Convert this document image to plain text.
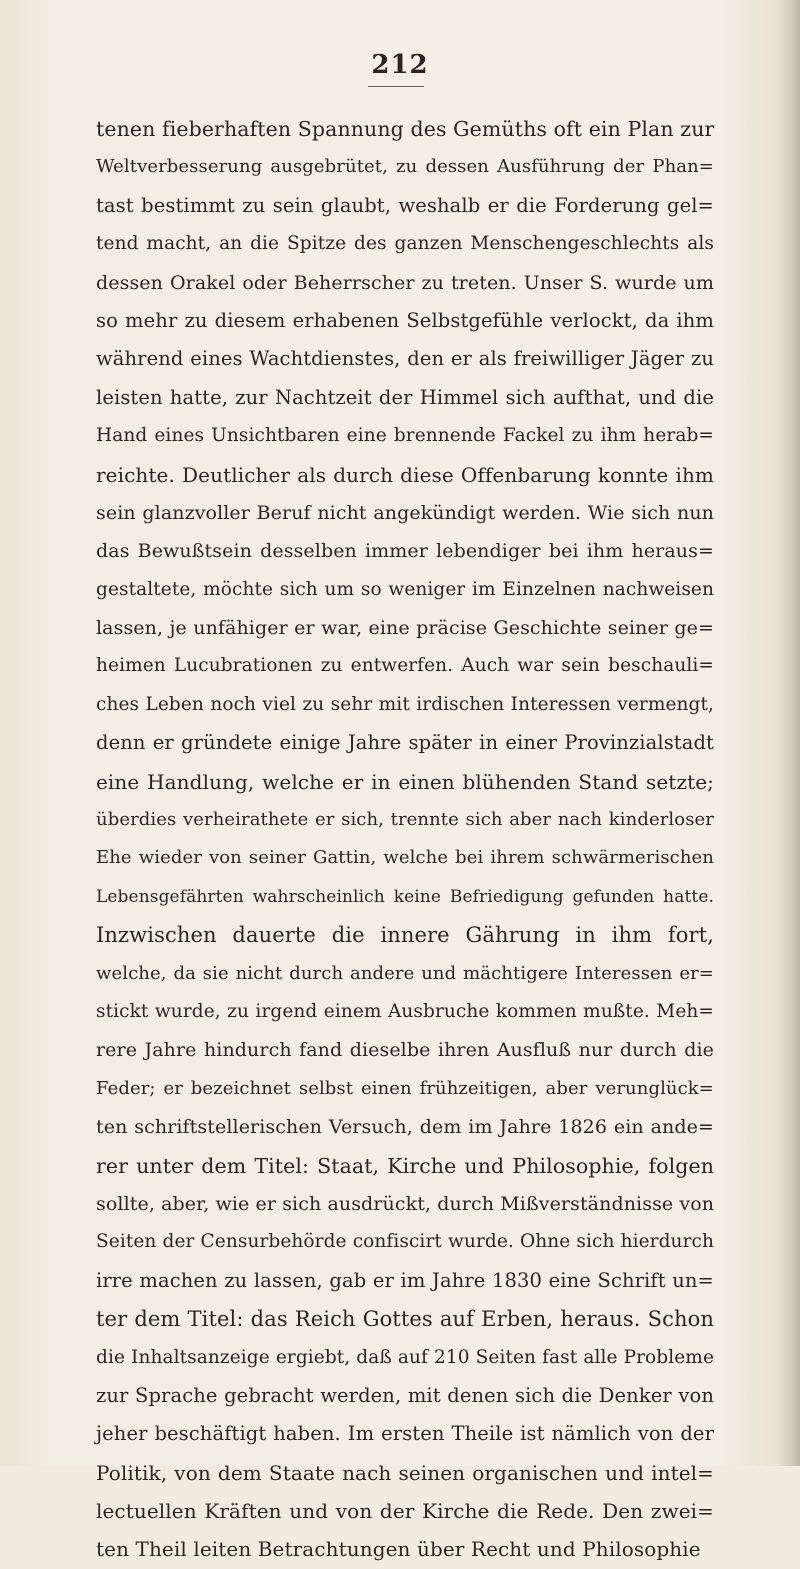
212
tenen fieberhaften Spannung des Gemüths oft ein Plan zur
Weltverbesserung ausgebrütet, zu dessen Ausführung der Phan=
tast bestimmt zu sein glaubt, weshalb er die Forderung gel=
tend macht, an die Spitze des ganzen Menschengeschlechts als
dessen Orakel oder Beherrscher zu treten. Unser S. wurde um
so mehr zu diesem erhabenen Selbstgefühle verlockt, da ihm
während eines Wachtdienstes, den er als freiwilliger Jäger zu
leisten hatte, zur Nachtzeit der Himmel sich aufthat, und die
Hand eines Unsichtbaren eine brennende Fackel zu ihm herab=
reichte. Deutlicher als durch diese Offenbarung konnte ihm
sein glanzvoller Beruf nicht angekündigt werden. Wie sich nun
das Bewußtsein desselben immer lebendiger bei ihm heraus=
gestaltete, möchte sich um so weniger im Einzelnen nachweisen
lassen, je unfähiger er war, eine präcise Geschichte seiner ge=
heimen Lucubrationen zu entwerfen. Auch war sein beschauli=
ches Leben noch viel zu sehr mit irdischen Interessen vermengt,
denn er gründete einige Jahre später in einer Provinzialstadt
eine Handlung, welche er in einen blühenden Stand setzte;
überdies verheirathete er sich, trennte sich aber nach kinderloser
Ehe wieder von seiner Gattin, welche bei ihrem schwärmerischen
Lebensgefährten wahrscheinlich keine Befriedigung gefunden hatte.
Inzwischen dauerte die innere Gährung in ihm fort,
welche, da sie nicht durch andere und mächtigere Interessen er=
stickt wurde, zu irgend einem Ausbruche kommen mußte. Meh=
rere Jahre hindurch fand dieselbe ihren Ausfluß nur durch die
Feder; er bezeichnet selbst einen frühzeitigen, aber verunglück=
ten schriftstellerischen Versuch, dem im Jahre 1826 ein ande=
rer unter dem Titel: Staat, Kirche und Philosophie, folgen
sollte, aber, wie er sich ausdrückt, durch Mißverständnisse von
Seiten der Censurbehörde confiscirt wurde. Ohne sich hierdurch
irre machen zu lassen, gab er im Jahre 1830 eine Schrift un=
ter dem Titel: das Reich Gottes auf Erben, heraus. Schon
die Inhaltsanzeige ergiebt, daß auf 210 Seiten fast alle Probleme
zur Sprache gebracht werden, mit denen sich die Denker von
jeher beschäftigt haben. Im ersten Theile ist nämlich von der
Politik, von dem Staate nach seinen organischen und intel=
lectuellen Kräften und von der Kirche die Rede. Den zwei=
ten Theil leiten Betrachtungen über Recht und Philosophie
